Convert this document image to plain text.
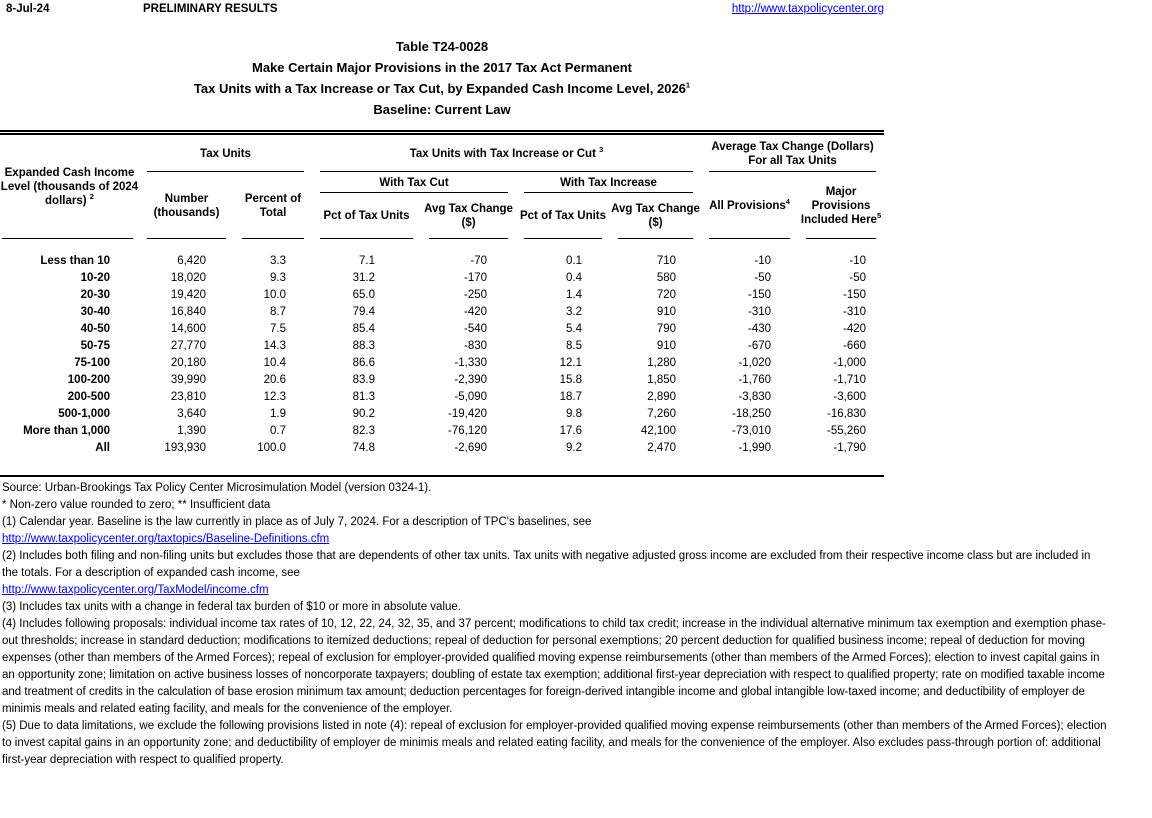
8-Jul-24	PRELIMINARY RESULTS	http://www.taxpolicycenter.org
Table T24-0028
Make Certain Major Provisions in the 2017 Tax Act Permanent
Tax Units with a Tax Increase or Tax Cut, by Expanded Cash Income Level, 2026$^1$
Baseline: Current Law
Expanded Cash Income Level (thousands of 2024 dollars) $^2$	Tax Units		Tax Units with Tax Increase or Cut $^3$				Average Tax Change (Dollars)
For all Tax Units	

	Number (thousands)	Percent of Total	With Tax Cut		With Tax Increase		All Provisions$^4$	Major Provisions Included Here$^5$
			Pct of Tax Units	Avg Tax Change ($)	Pct of Tax Units	Avg Tax Change ($)		

Less than 10	6,420	3.3	7.1	-70	0.1	710	-10	-10
10-20	18,020	9.3	31.2	-170	0.4	580	-50	-50
20-30	19,420	10.0	65.0	-250	1.4	720	-150	-150
30-40	16,840	8.7	79.4	-420	3.2	910	-310	-310
40-50	14,600	7.5	85.4	-540	5.4	790	-430	-420
50-75	27,770	14.3	88.3	-830	8.5	910	-670	-660
75-100	20,180	10.4	86.6	-1,330	12.1	1,280	-1,020	-1,000
100-200	39,990	20.6	83.9	-2,390	15.8	1,850	-1,760	-1,710
200-500	23,810	12.3	81.3	-5,090	18.7	2,890	-3,830	-3,600
500-1,000	3,640	1.9	90.2	-19,420	9.8	7,260	-18,250	-16,830
More than 1,000	1,390	0.7	82.3	-76,120	17.6	42,100	-73,010	-55,260
All	193,930	100.0	74.8	-2,690	9.2	2,470	-1,990	-1,790

Source: Urban-Brookings Tax Policy Center Microsimulation Model (version 0324-1).

* Non-zero value rounded to zero; ** Insufficient data

(1) Calendar year. Baseline is the law currently in place as of July 7, 2024. For a description of TPC's baselines, see

http://www.taxpolicycenter.org/taxtopics/Baseline-Definitions.cfm

(2) Includes both filing and non-filing units but excludes those that are dependents of other tax units. Tax units with negative adjusted gross income are excluded from their respective income class but are included in the totals. For a description of expanded cash income, see

http://www.taxpolicycenter.org/TaxModel/income.cfm

(3) Includes tax units with a change in federal tax burden of $10 or more in absolute value.

(4) Includes following proposals: individual income tax rates of 10, 12, 22, 24, 32, 35, and 37 percent; modifications to child tax credit; increase in the individual alternative minimum tax exemption and exemption phase-out thresholds; increase in standard deduction; modifications to itemized deductions; repeal of deduction for personal exemptions; 20 percent deduction for qualified business income; repeal of deduction for moving expenses (other than members of the Armed Forces); repeal of exclusion for employer-provided qualified moving expense reimbursements (other than members of the Armed Forces); election to invest capital gains in an opportunity zone; limitation on active business losses of noncorporate taxpayers; doubling of estate tax exemption; additional first-year depreciation with respect to qualified property; rate on modified taxable income and treatment of credits in the calculation of base erosion minimum tax amount; deduction percentages for foreign-derived intangible income and global intangible low-taxed income; and deductibility of employer de minimis meals and related eating facility, and meals for the convenience of the employer.

(5) Due to data limitations, we exclude the following provisions listed in note (4): repeal of exclusion for employer-provided qualified moving expense reimbursements (other than members of the Armed Forces); election to invest capital gains in an opportunity zone; and deductibility of employer de minimis meals and related eating facility, and meals for the convenience of the employer. Also excludes pass-through portion of: additional first-year depreciation with respect to qualified property.
